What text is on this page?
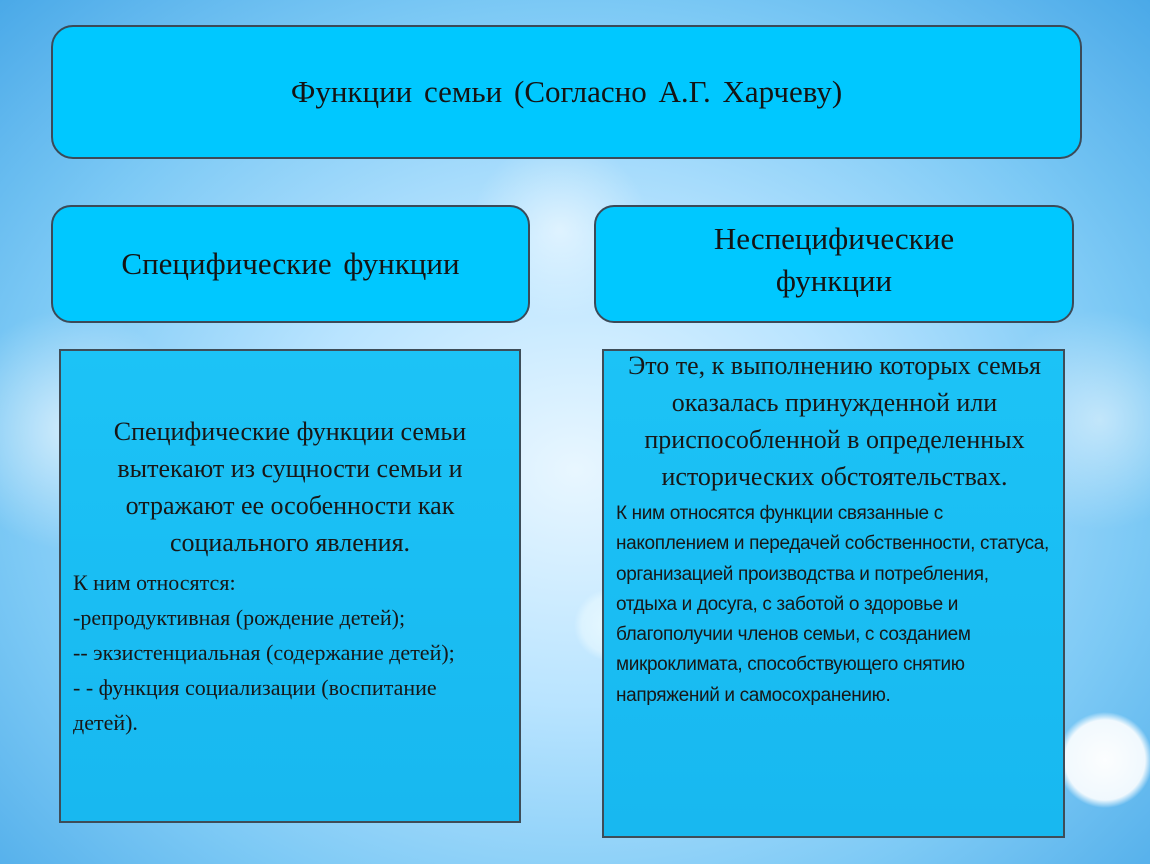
Функции семьи (Согласно А.Г. Харчеву)
Специфические функции
Неспецифические функции

Специфические функции семьи вытекают из сущности семьи и отражают ее особенности как социального явления.

К ним относятся:

-репродуктивная (рождение детей);

-- экзистенциальная (содержание детей);

- - функция социализации (воспитание детей).

Это те, к выполнению которых семья оказалась принужденной или приспособленной в определенных исторических обстоятельствах.

К ним относятся функции связанные с накоплением и передачей собственности, статуса, организацией производства и потребления, отдыха и досуга, с заботой о здоровье и благополучии членов семьи, с созданием микроклимата, способствующего снятию напряжений и самосохранению.
